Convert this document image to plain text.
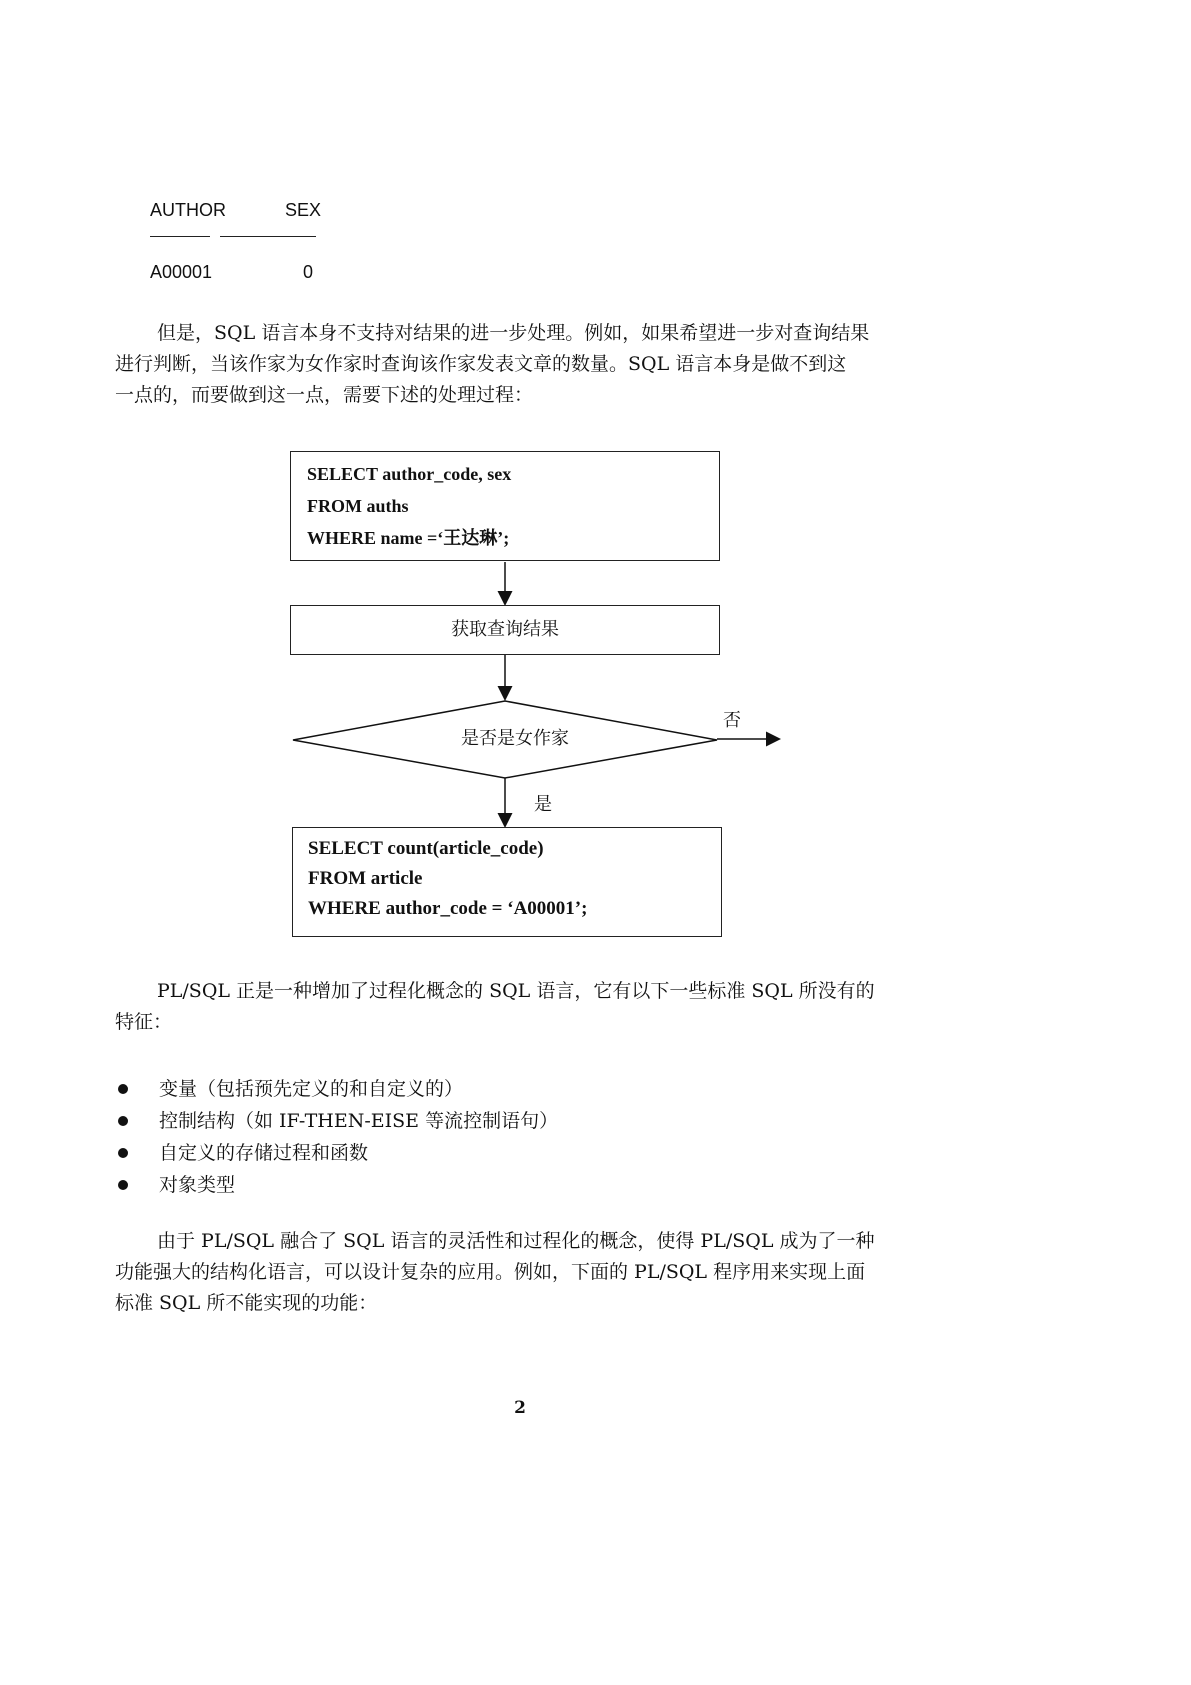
AUTHOR	SEX
A00001	0
但是，SQL 语言本身不支持对结果的进一步处理。例如，如果希望进一步对查询结果
进行判断，当该作家为女作家时查询该作家发表文章的数量。SQL 语言本身是做不到这
一点的，而要做到这一点，需要下述的处理过程：
SELECT author_code, sex
FROM auths
WHERE name =‘王达琳’;
获取查询结果
是否是女作家
否
是
SELECT count(article_code)
FROM article
WHERE author_code = ‘A00001’;
PL/SQL 正是一种增加了过程化概念的 SQL 语言，它有以下一些标准 SQL 所没有的
特征：
变量（包括预先定义的和自定义的）
控制结构（如 IF-THEN-EISE 等流控制语句）
自定义的存储过程和函数
对象类型
由于 PL/SQL 融合了 SQL 语言的灵活性和过程化的概念，使得 PL/SQL 成为了一种
功能强大的结构化语言，可以设计复杂的应用。例如，下面的 PL/SQL 程序用来实现上面
标准 SQL 所不能实现的功能：
2
